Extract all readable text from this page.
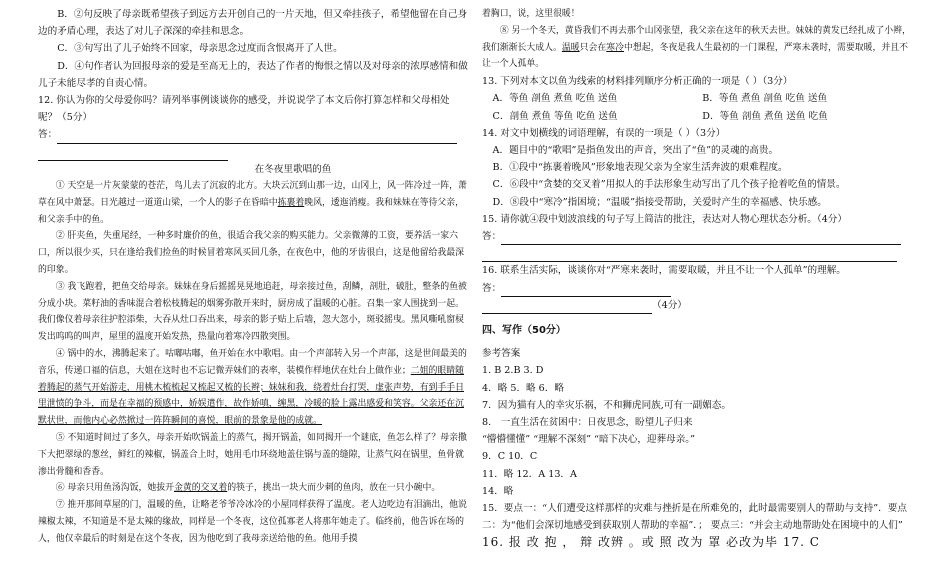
B．②句反映了母亲既希望孩子到远方去开创自己的一片天地，但又牵挂孩子，希望他留在自己身边的矛盾心理，表达了对儿子深深的牵挂和思念。

C．③句写出了儿子始终不回家，母亲思念过度而含恨离开了人世。

D．④句作者认为回报母亲的爱是至高无上的，表达了作者的悔恨之情以及对母亲的浓厚感情和做儿子未能尽孝的自责心情。

12. 你认为你的父母爱你吗？请列举事例谈谈你的感受，并说说学了本文后你打算怎样和父母相处呢？（5分）

答：

在冬夜里歌唱的鱼

① 天空是一片灰蒙蒙的苍茫，鸟儿去了沉寂的北方。大块云沉到山那一边，山冈上，风一阵冷过一阵，萧草在风中萧瑟。日光越过一道道山梁，一个人的影子在昏暗中拣裹着晚风，逶迤消瘦。我和妹妹在等待父亲，和父亲手中的鱼。

② 肝夹鱼，失重尾经，一种多时廉价的鱼，很适合我父亲的购买能力。父亲微薄的工资，要养活一家六口，所以很少买，只在逢给我们捡鱼的时候冒着寒风买回几条，在夜色中，他的牙齿很白，这是他留给我最深的印象。

③ 我飞跑着，把鱼交给母亲。妹妹在身后摇摇晃晃地追赶，母亲接过鱼，刮鳞，剖肚，破肚，整条的鱼被分成小块。菜籽油的香味混合着松枝腾起的烟雾弥散开来时，厨房成了温暖的心脏。召集一家人围拢到一起。我们像仪着母亲往护腔添柴，大吞从灶口吞出来，母亲的影子贴上后墙，忽大忽小，斑驳摇曳。黑风嘶吼窗棂发出呜呜的叫声，屋里的温度开始发热，热量向着寒冷四散突围。

④ 锅中的水，沸腾起来了。咕嘟咕嘟，鱼开始在水中歌唱。由一个声部转入另一个声部，这是世间最美的音乐，传递口福的信息，大姐在这时也不忘记微弄妹们的表率，装模作样地伏在灶台上做作业；二姐的眼睛随着腾起的蒸气开始游走，用桃木梳梳起又梳起又梳的长辫；妹妹和我，绕着灶台打哭，虚张声势，有到手手日里泄愤的争斗，而是在幸福的预感中，娇娱遣作，故作娇嗔，缠黑，冷暖的脸上露出感爱和笑容。父亲还在沉默状世，而他内心必然掀过一阵阵瞬间的喜悦，眼前的景象是他的成就。

⑤ 不知道时间过了多久，母亲开始吹锅盖上的蒸气，揭开锅盖，如同揭开一个谜底，鱼怎么样了？母亲撒下大把翠绿的葱丝，鲜红的辣椒，锅盖合上时，她用毛巾环绕地盖住锅与盖的缝隙，让蒸气闷在锅里，鱼骨就渗出骨髓和香香。

⑥ 母亲只用鱼汤沟饭，她拔开金黄的交叉着的筷子，挑出一块大而少刺的鱼肉，放在一只小碗中。

⑦ 推开那间草屋的门，温暖的鱼，让略老爷爷冷冰冷的小屋同样获得了温度。老人边吃边有泪滴出，他说辣椒太辣，不知道是不是太辣的缘故，同样是一个冬夜，这位孤寡老人将那年她走了。临终前，他告诉在场的人，他仅幸最后的时刻是在这个冬夜，因为他吃到了我母亲送给他的鱼。他用手摸

着胸口，说，这里很暖！

⑧ 另一个冬天，黄昏我们不再去那个山冈张望，我父亲在这年的秋天去世。妹妹的黄发已经扎成了小辫，我们渐渐长大成人。温暖只会在寒冷中想起，冬夜是我人生最初的一门课程，严寒未袭时，需要取暖，并且不让一个人孤单。

13. 下列对本文以鱼为线索的材料排列顺序分析正确的一项是（ ）（3分）

A．等鱼 剖鱼 煮鱼 吃鱼 送鱼	B．等鱼 煮鱼 剖鱼 吃鱼 送鱼
C．剖鱼 煮鱼 等鱼 吃鱼 送鱼	D．等鱼 剖鱼 煮鱼 送鱼 吃鱼

14. 对文中划横线的词语理解，有误的一项是（ ）（3分）

A．题目中的“歌唱”是指鱼发出的声音，突出了“鱼”的灵魂的高贵。

B．①段中“拣裹着晚风”形象地表现父亲为全家生活奔波的艰难程度。

C．⑥段中“贪婪的交叉着”用拟人的手法形象生动写出了几个孩子抢着吃鱼的情景。

D．⑧段中“寒冷”指困境；“温暖”指接受帮助，关爱时产生的幸福感、快乐感。

15. 请你就④段中划波浪线的句子写上简洁的批注，表达对人物心理状态分析。（4分）

答：

16. 联系生活实际，谈谈你对“严寒来袭时，需要取暖，并且不让一个人孤单”的理解。

答：

（4分）

四、写作（50分）

参考答案

1. B 2.B 3. D

4．略 5．略 6．略

7．因为猫有人的幸灾乐祸，不和狮虎同族,可有一副媚态。

8． 一直生活在贫困中：日夜思念，盼望儿子归来

“懵懵懂懂” “理解不深刻” “暗下决心，迎葬母亲。”

9．C 10．C

11．略 12．A 13．A

14．略

15．要点一：“人们遭受这样那样的灾难与挫折是在所难免的，此时最需要别人的帮助与支持”．要点二：为“他们会深切地感受到获取别人帮助的幸福”．； 要点三：“并会主动地帮助处在困境中的人们”

16. 报 改 抱 ， 辩 改辨 。或 照 改为 罩 必改为毕 17. C
